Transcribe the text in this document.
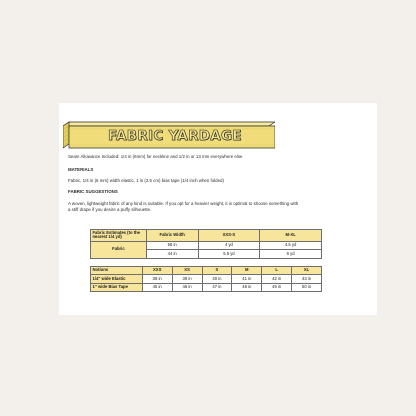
FABRIC YARDAGE
Seam Allowance Included: 1/4 in (6mm) for neckline and 1/2 in or 13 mm everywhere else
MATERIALS
Fabric, 1/4 in (6 mm) width elastic, 1 in (2.5 cm) bias tape (1/4 inch when folded)
FABRIC SUGGESTIONS
A woven, lightweight fabric of any kind is suitable. If you opt for a heavier weight, it is optimal to shoose something with
a stiff drape if you desire a puffy silhouette.
Fabric Estimates (to the nearest 1/4 yd)	Fabric Width	XXS-S	M-XL
Fabric	58 in	4 yd	4.5 yd
	44 in	5.5 yd	6 yd
Notions	XXS	XS	S	M	L	XL
1/4" wide Elastic	38 in	39 in	40 in	41 in	42 in	43 in
1" wide Bias Tape	45 in	46 in	47 in	48 in	49 in	50 in
